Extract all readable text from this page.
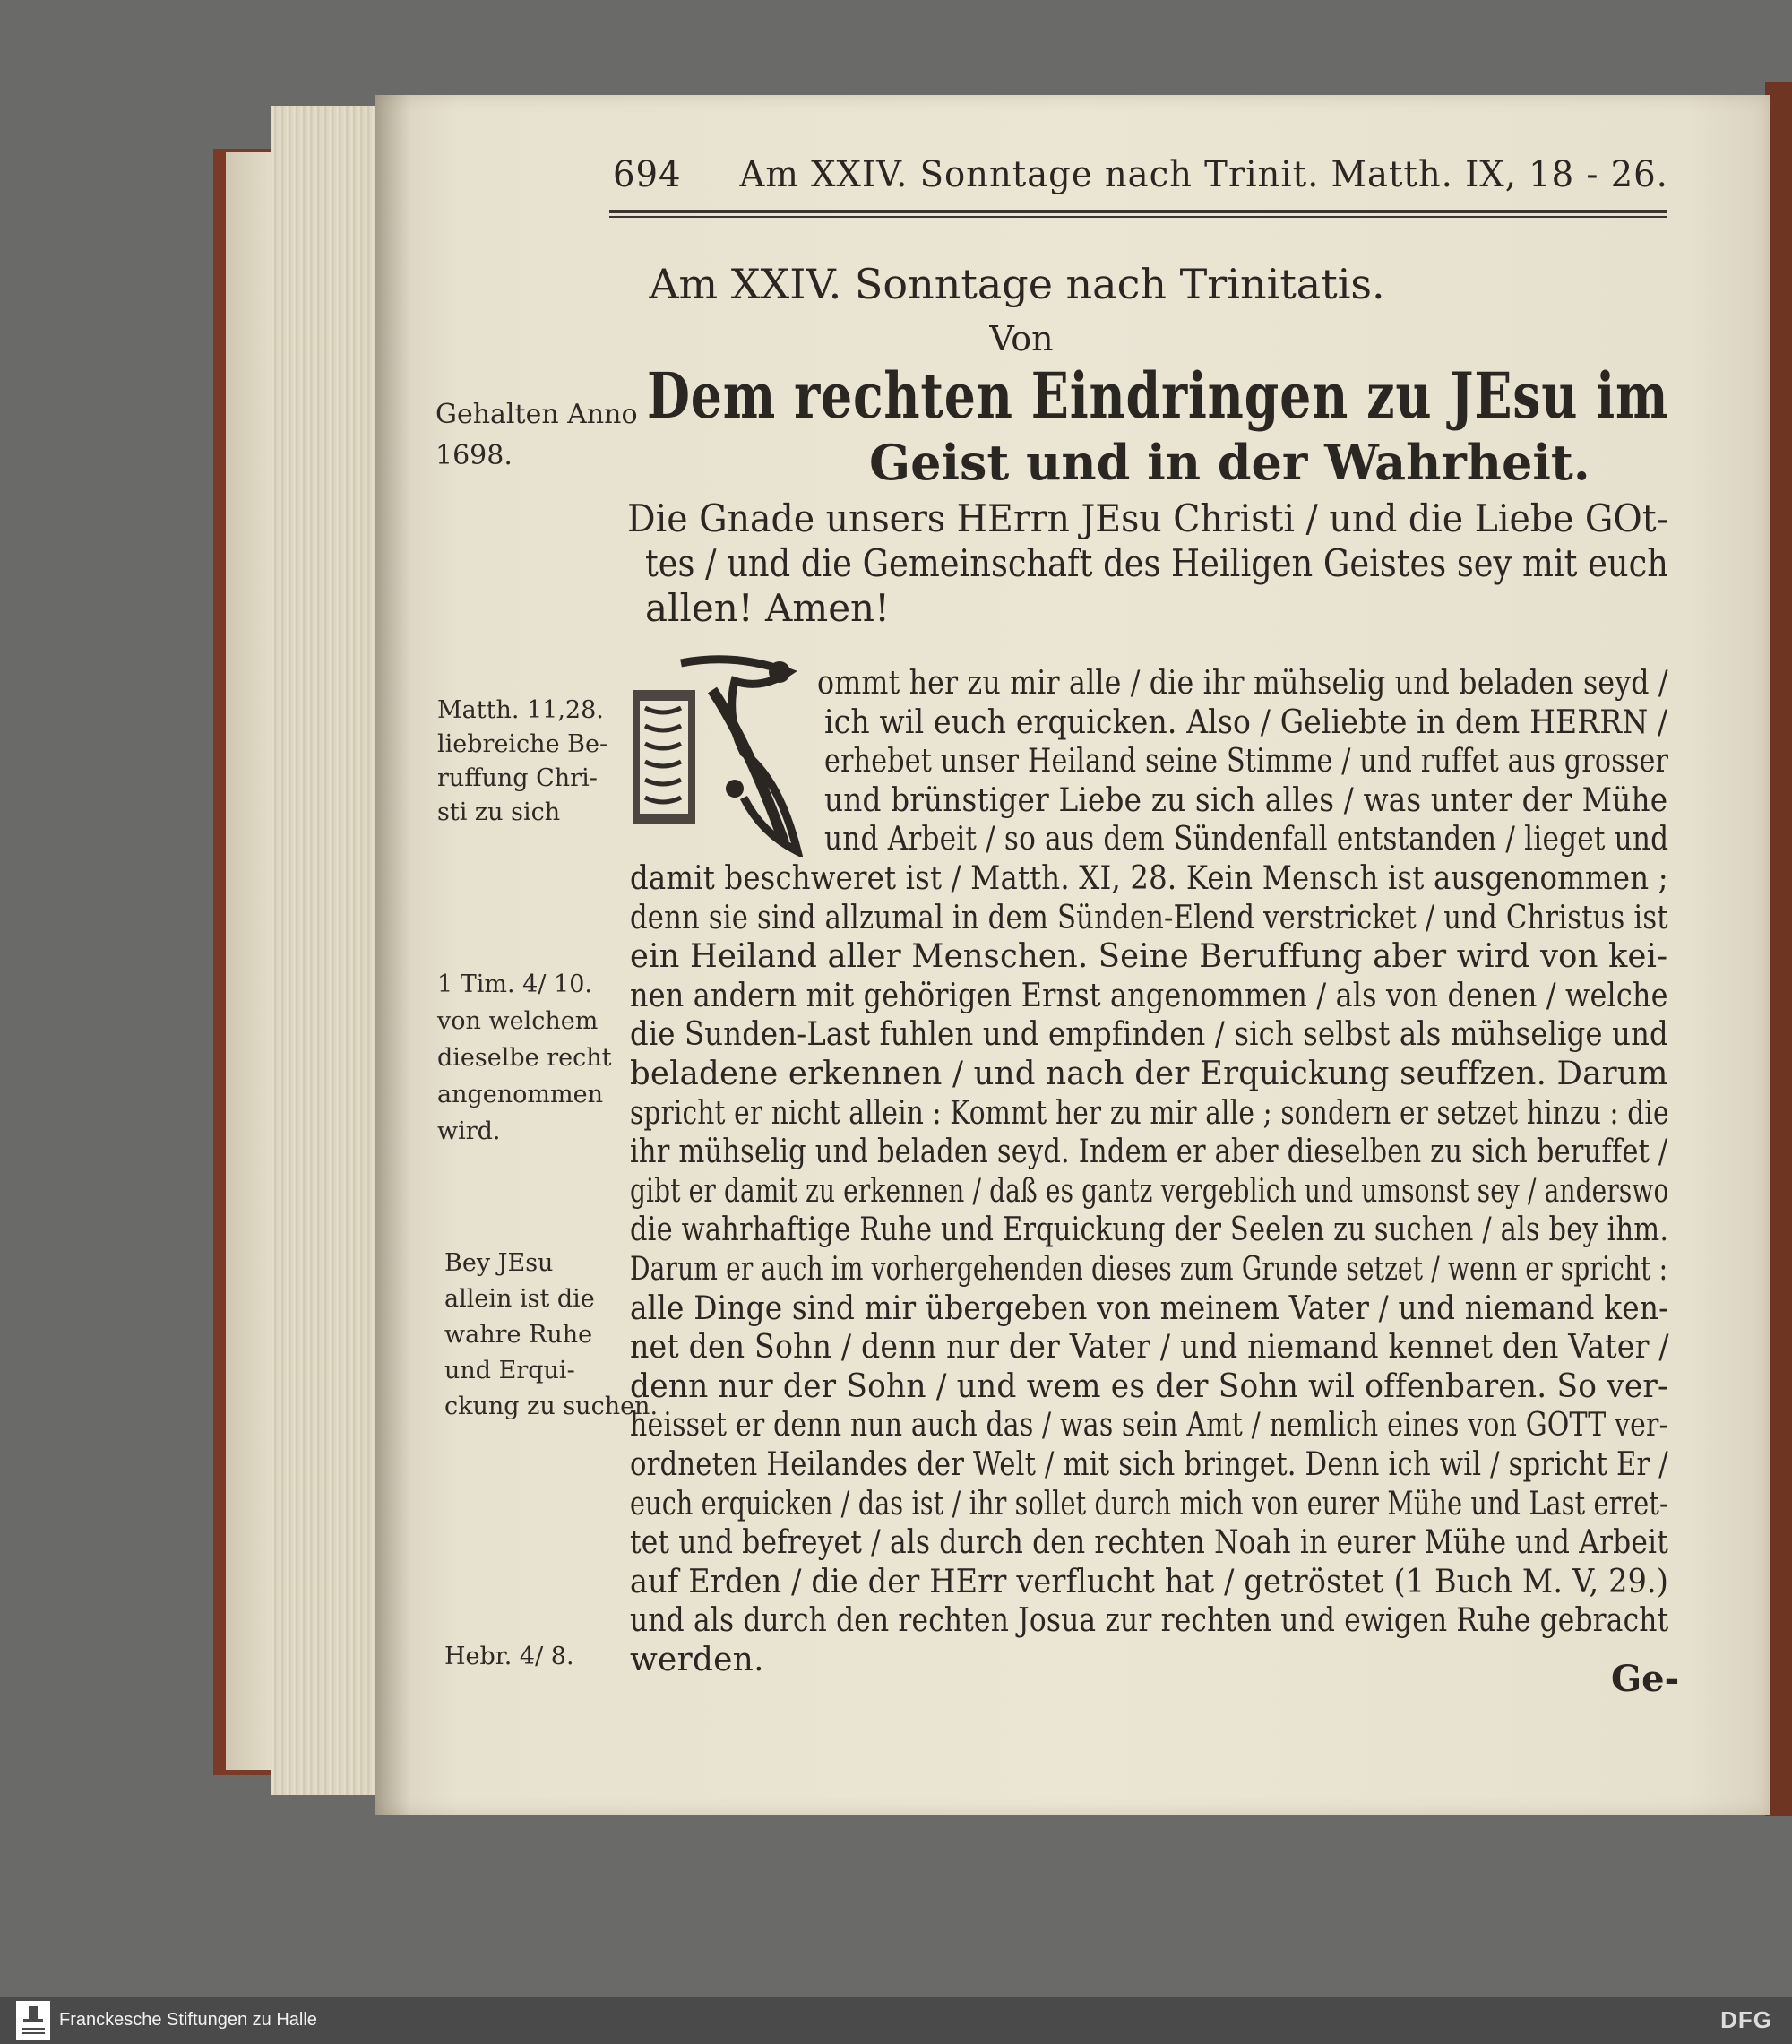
694 Am XXIV. Sonntage nach Trinit. Matth. IX, 18 - 26.
Am XXIV. Sonntage nach Trinitatis.
Von
Dem rechten Eindringen zu JEsu im
Geist und in der Wahrheit.
Die Gnade unsers HErrn JEsu Christi / und die Liebe GOt-
tes / und die Gemeinschaft des Heiligen Geistes sey mit euch
allen! Amen!
Gehalten Anno
1698.
Matth. 11,28.
liebreiche Be-
ruffung Chri-
sti zu sich
1 Tim. 4/ 10.
von welchem
dieselbe recht
angenommen
wird.
Bey JEsu
allein ist die
wahre Ruhe
und Erqui-
ckung zu suchen.
Hebr. 4/ 8.
ommt her zu mir alle / die ihr mühselig und beladen seyd /
ich wil euch erquicken. Also / Geliebte in dem HERRN /
erhebet unser Heiland seine Stimme / und ruffet aus grosser
und brünstiger Liebe zu sich alles / was unter der Mühe
und Arbeit / so aus dem Sündenfall entstanden / lieget und
damit beschweret ist / Matth. XI, 28. Kein Mensch ist ausgenommen ;
denn sie sind allzumal in dem Sünden-Elend verstricket / und Christus ist
ein Heiland aller Menschen. Seine Beruffung aber wird von kei-
nen andern mit gehörigen Ernst angenommen / als von denen / welche
die Sunden-Last fuhlen und empfinden / sich selbst als mühselige und
beladene erkennen / und nach der Erquickung seuffzen. Darum
spricht er nicht allein : Kommt her zu mir alle ; sondern er setzet hinzu : die
ihr mühselig und beladen seyd. Indem er aber dieselben zu sich beruffet /
gibt er damit zu erkennen / daß es gantz vergeblich und umsonst sey / anderswo
die wahrhaftige Ruhe und Erquickung der Seelen zu suchen / als bey ihm.
Darum er auch im vorhergehenden dieses zum Grunde setzet / wenn er spricht :
alle Dinge sind mir übergeben von meinem Vater / und niemand ken-
net den Sohn / denn nur der Vater / und niemand kennet den Vater /
denn nur der Sohn / und wem es der Sohn wil offenbaren. So ver-
heisset er denn nun auch das / was sein Amt / nemlich eines von GOTT ver-
ordneten Heilandes der Welt / mit sich bringet. Denn ich wil / spricht Er /
euch erquicken / das ist / ihr sollet durch mich von eurer Mühe und Last erret-
tet und befreyet / als durch den rechten Noah in eurer Mühe und Arbeit
auf Erden / die der HErr verflucht hat / getröstet (1 Buch M. V, 29.)
und als durch den rechten Josua zur rechten und ewigen Ruhe gebracht
werden.	Ge-
Franckesche Stiftungen zu Halle	DFG
